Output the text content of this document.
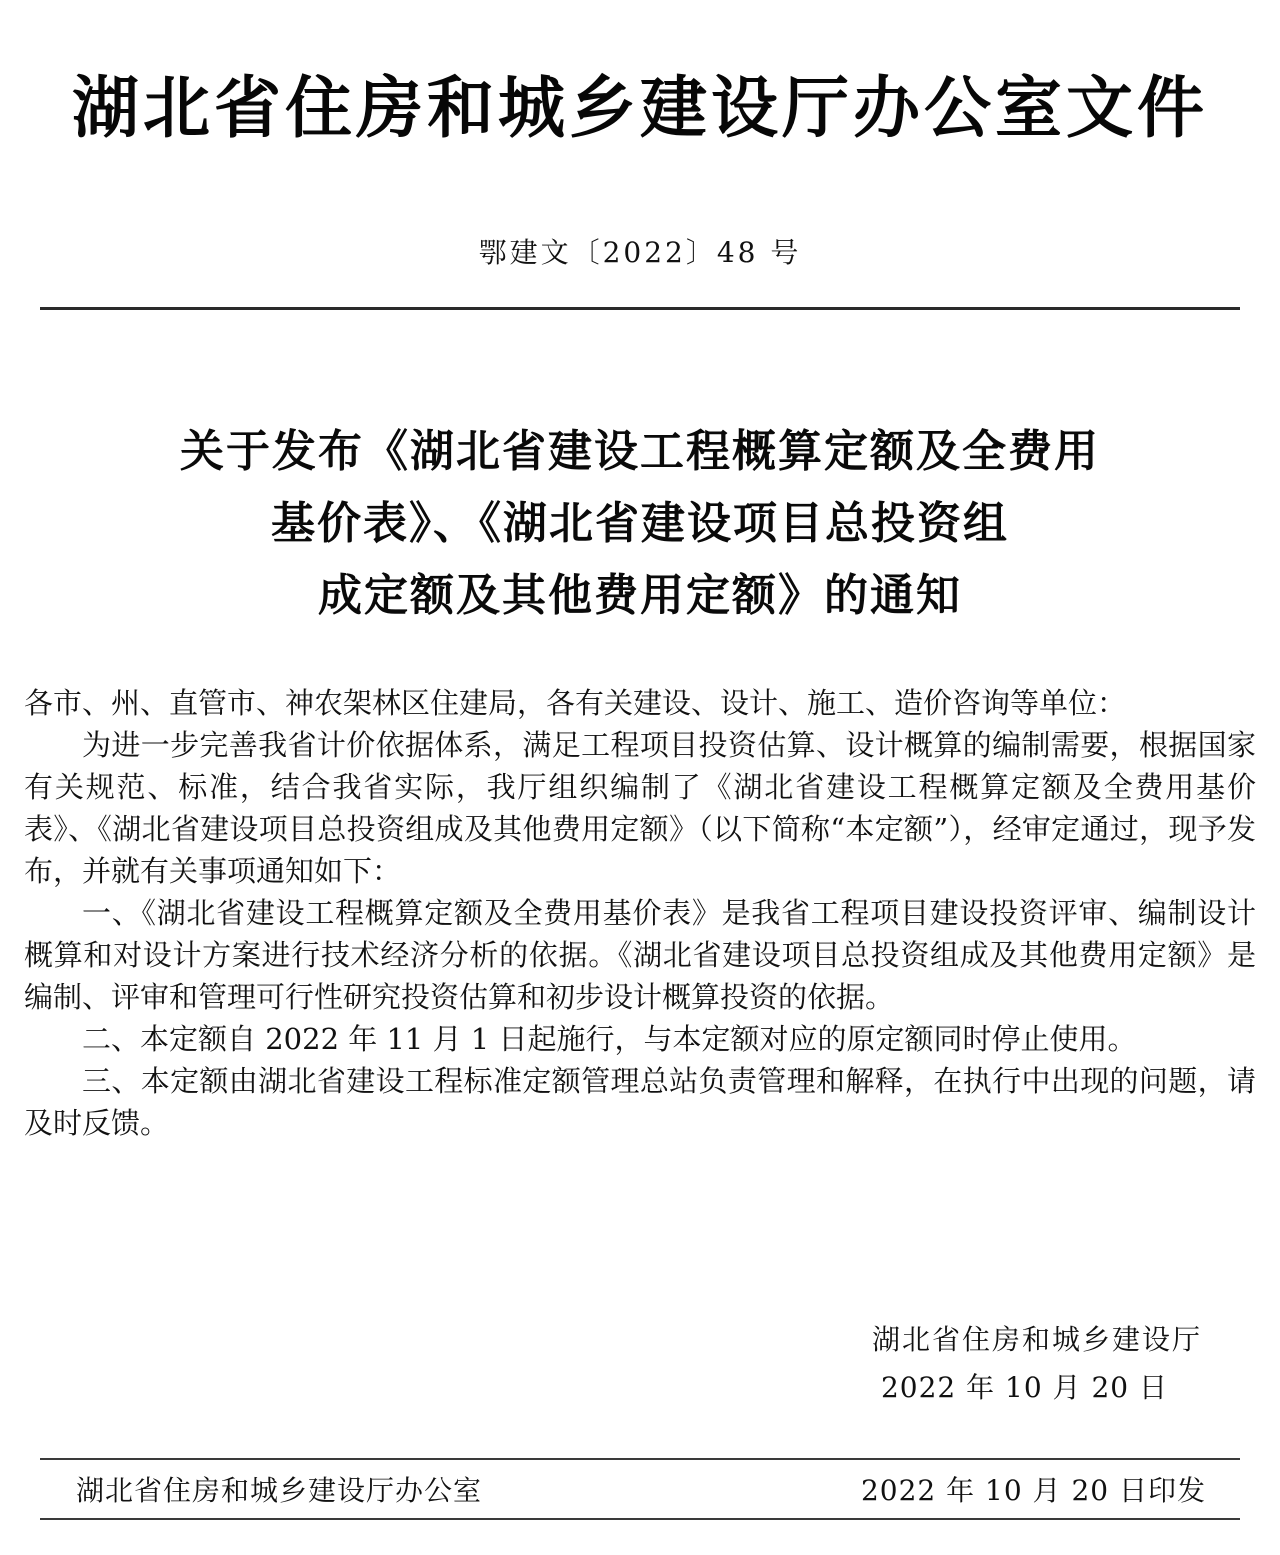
湖北省住房和城乡建设厅办公室文件
鄂建文〔2022〕48 号
关于发布《湖北省建设工程概算定额及全费用
基价表》、《湖北省建设项目总投资组
成定额及其他费用定额》的通知

各市、州、直管市、神农架林区住建局，各有关建设、设计、施工、造价咨询等单位：

为进一步完善我省计价依据体系，满足工程项目投资估算、设计概算的编制需要，根据国家有关规范、标准，结合我省实际，我厅组织编制了《湖北省建设工程概算定额及全费用基价表》、《湖北省建设项目总投资组成及其他费用定额》（以下简称“本定额”），经审定通过，现予发布，并就有关事项通知如下：

一、《湖北省建设工程概算定额及全费用基价表》是我省工程项目建设投资评审、编制设计概算和对设计方案进行技术经济分析的依据。《湖北省建设项目总投资组成及其他费用定额》是编制、评审和管理可行性研究投资估算和初步设计概算投资的依据。

二、本定额自 2022 年 11 月 1 日起施行，与本定额对应的原定额同时停止使用。

三、本定额由湖北省建设工程标准定额管理总站负责管理和解释，在执行中出现的问题，请及时反馈。

湖北省住房和城乡建设厅
2022 年 10 月 20 日
湖北省住房和城乡建设厅办公室	2022 年 10 月 20 日印发
